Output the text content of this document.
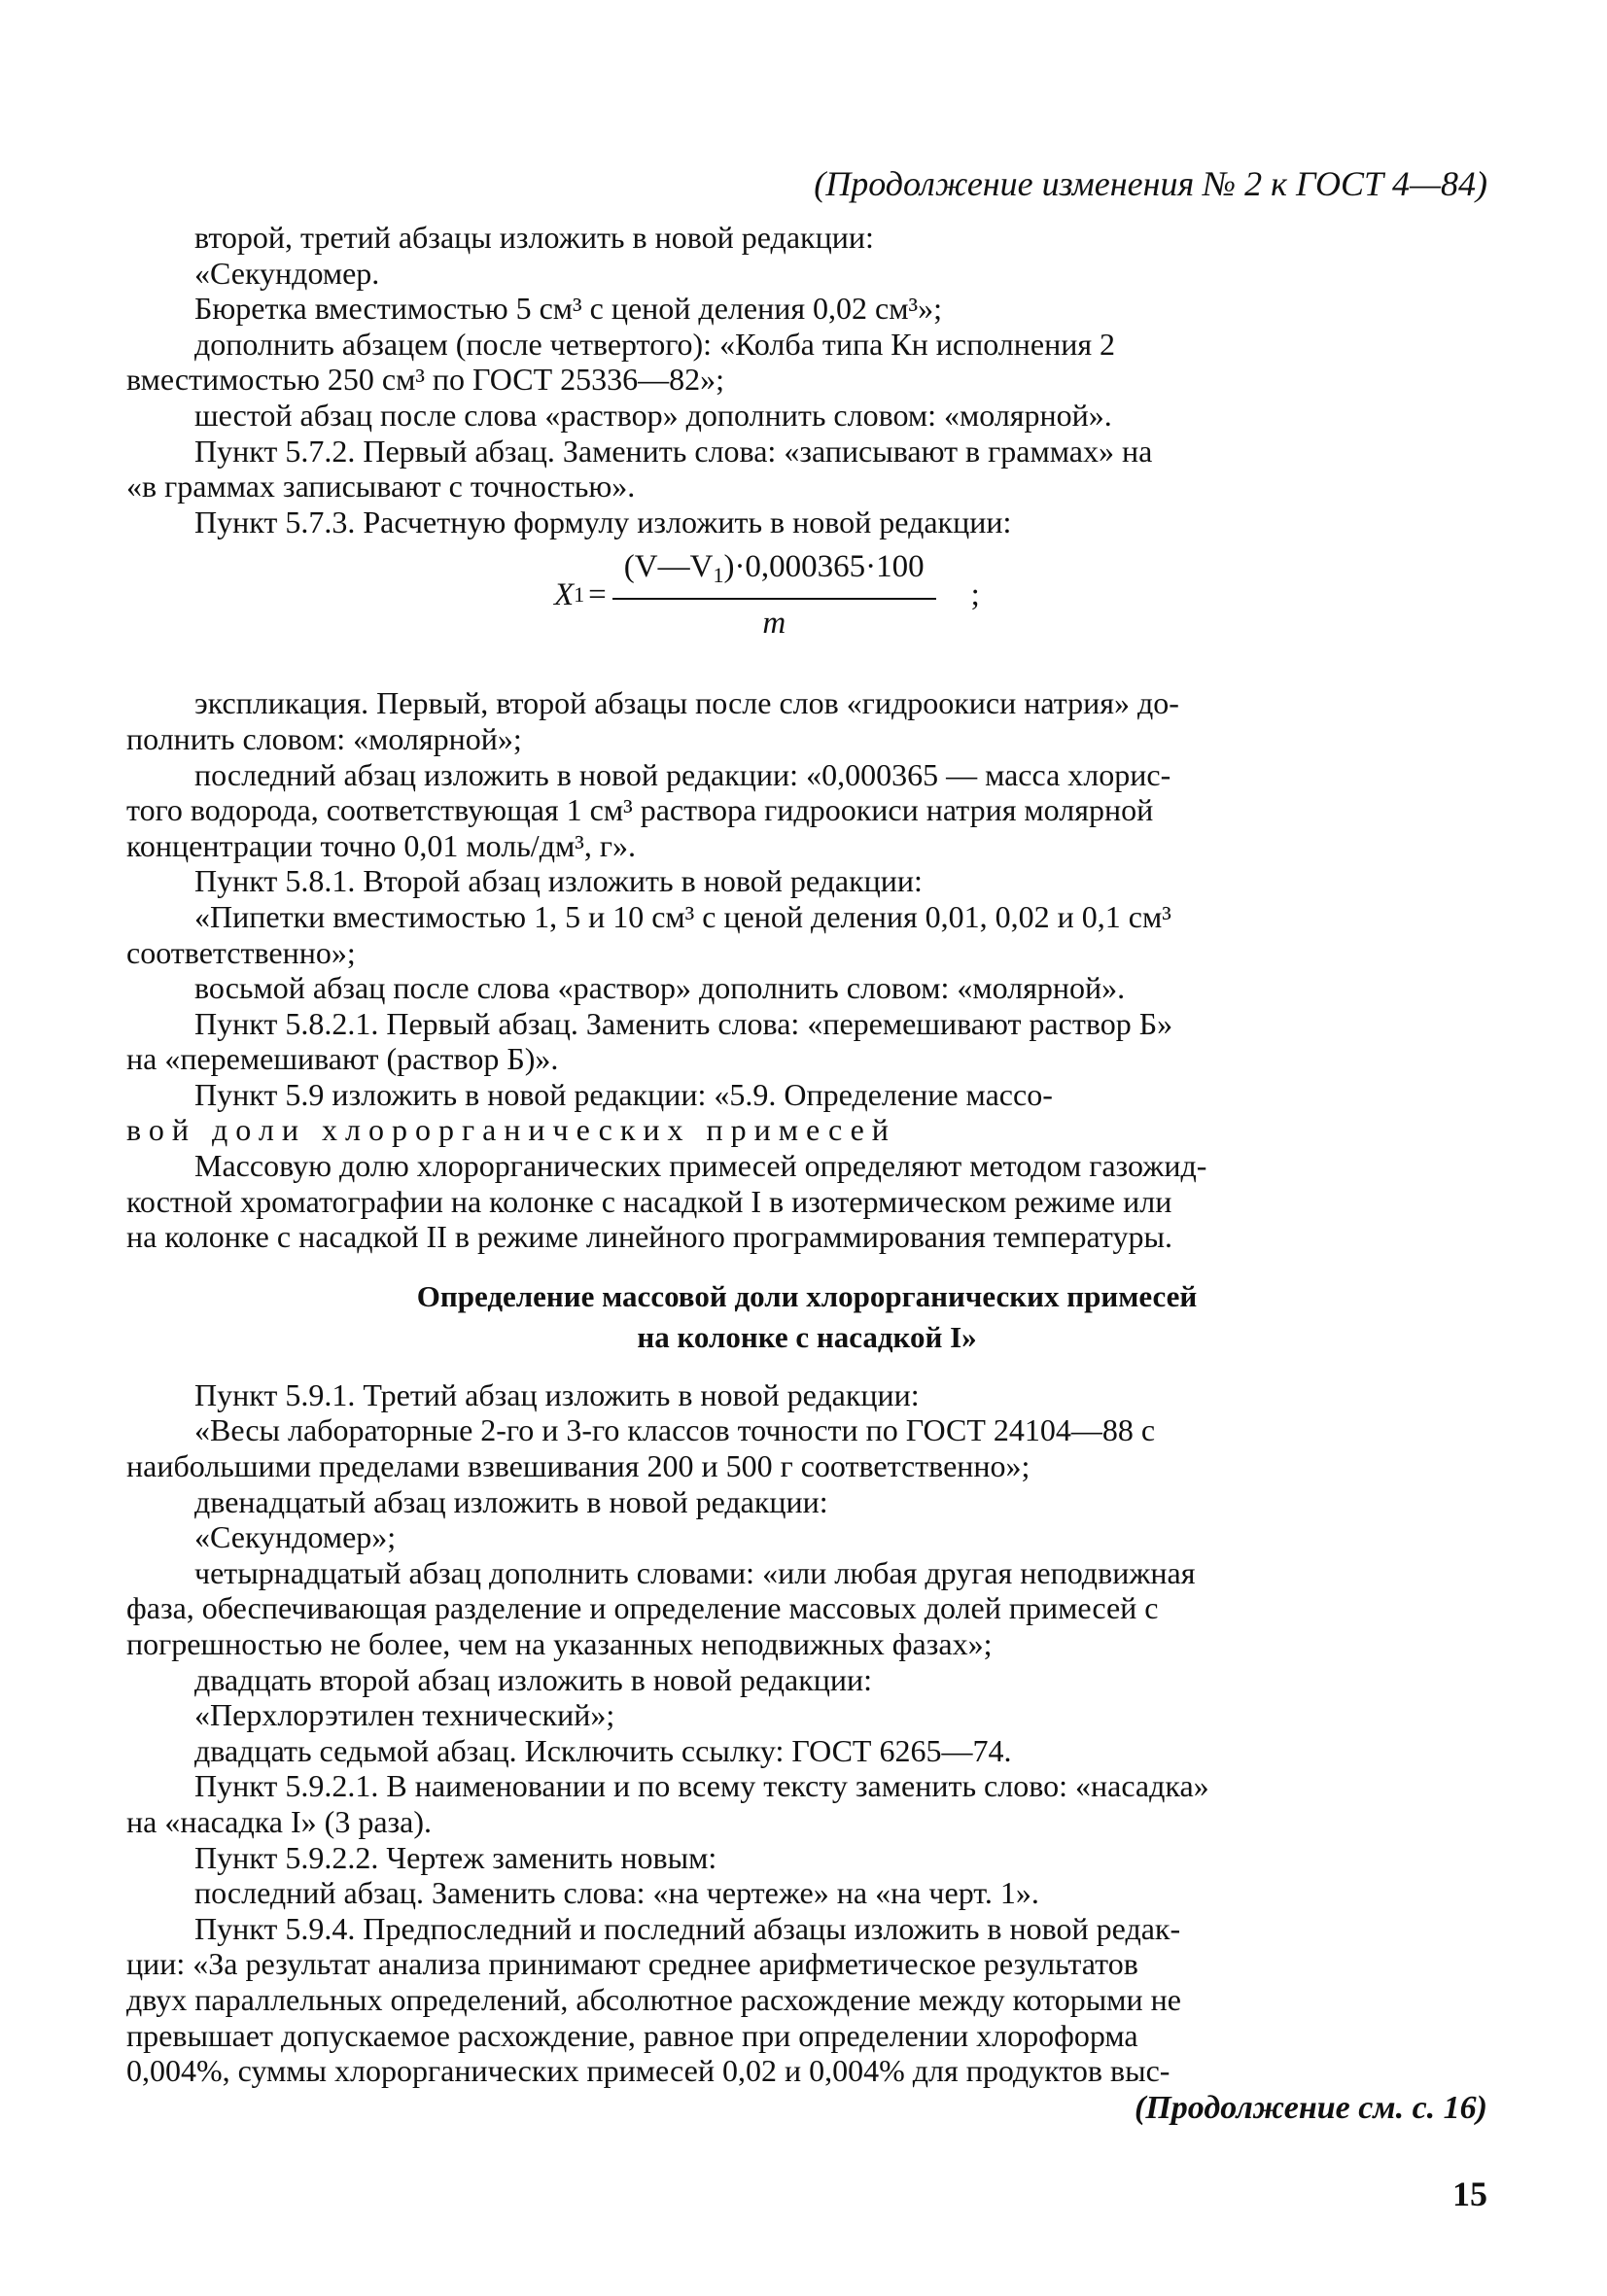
(Продолжение изменения № 2 к ГОСТ 4—84)
второй, третий абзацы изложить в новой редакции:
«Секундомер.
Бюретка вместимостью 5 см³ с ценой деления 0,02 см³»;
дополнить абзацем (после четвертого): «Колба типа Кн исполнения 2
вместимостью 250 см³ по ГОСТ 25336—82»;
шестой абзац после слова «раствор» дополнить словом: «молярной».
Пункт 5.7.2. Первый абзац. Заменить слова: «записывают в граммах» на
«в граммах записывают с точностью».
Пункт 5.7.3. Расчетную формулу изложить в новой редакции:
X $1 = \frac{(V—V_1)\cdot 0,000365\cdot 100}{m}$ ;
экспликация. Первый, второй абзацы после слов «гидроокиси натрия» до-
полнить словом: «молярной»;
последний абзац изложить в новой редакции: «0,000365 — масса хлорис-
того водорода, соответствующая 1 см³ раствора гидроокиси натрия молярной
концентрации точно 0,01 моль/дм³, г».
Пункт 5.8.1. Второй абзац изложить в новой редакции:
«Пипетки вместимостью 1, 5 и 10 см³ с ценой деления 0,01, 0,02 и 0,1 см³
соответственно»;
восьмой абзац после слова «раствор» дополнить словом: «молярной».
Пункт 5.8.2.1. Первый абзац. Заменить слова: «перемешивают раствор Б»
на «перемешивают (раствор Б)».
Пункт 5.9 изложить в новой редакции: «5.9. Определение массо-
вой доли хлорорганических примесей
Массовую долю хлорорганических примесей определяют методом газожид-
костной хроматографии на колонке с насадкой I в изотермическом режиме или
на колонке с насадкой II в режиме линейного программирования температуры.
Определение массовой доли хлорорганических примесей
на колонке с насадкой I»
Пункт 5.9.1. Третий абзац изложить в новой редакции:
«Весы лабораторные 2-го и 3-го классов точности по ГОСТ 24104—88 с
наибольшими пределами взвешивания 200 и 500 г соответственно»;
двенадцатый абзац изложить в новой редакции:
«Секундомер»;
четырнадцатый абзац дополнить словами: «или любая другая неподвижная
фаза, обеспечивающая разделение и определение массовых долей примесей с
погрешностью не более, чем на указанных неподвижных фазах»;
двадцать второй абзац изложить в новой редакции:
«Перхлорэтилен технический»;
двадцать седьмой абзац. Исключить ссылку: ГОСТ 6265—74.
Пункт 5.9.2.1. В наименовании и по всему тексту заменить слово: «насадка»
на «насадка I» (3 раза).
Пункт 5.9.2.2. Чертеж заменить новым:
последний абзац. Заменить слова: «на чертеже» на «на черт. 1».
Пункт 5.9.4. Предпоследний и последний абзацы изложить в новой редак-
ции: «За результат анализа принимают среднее арифметическое результатов
двух параллельных определений, абсолютное расхождение между которыми не
превышает допускаемое расхождение, равное при определении хлороформа
0,004%, суммы хлорорганических примесей 0,02 и 0,004% для продуктов выс-
(Продолжение см. с. 16)
15
